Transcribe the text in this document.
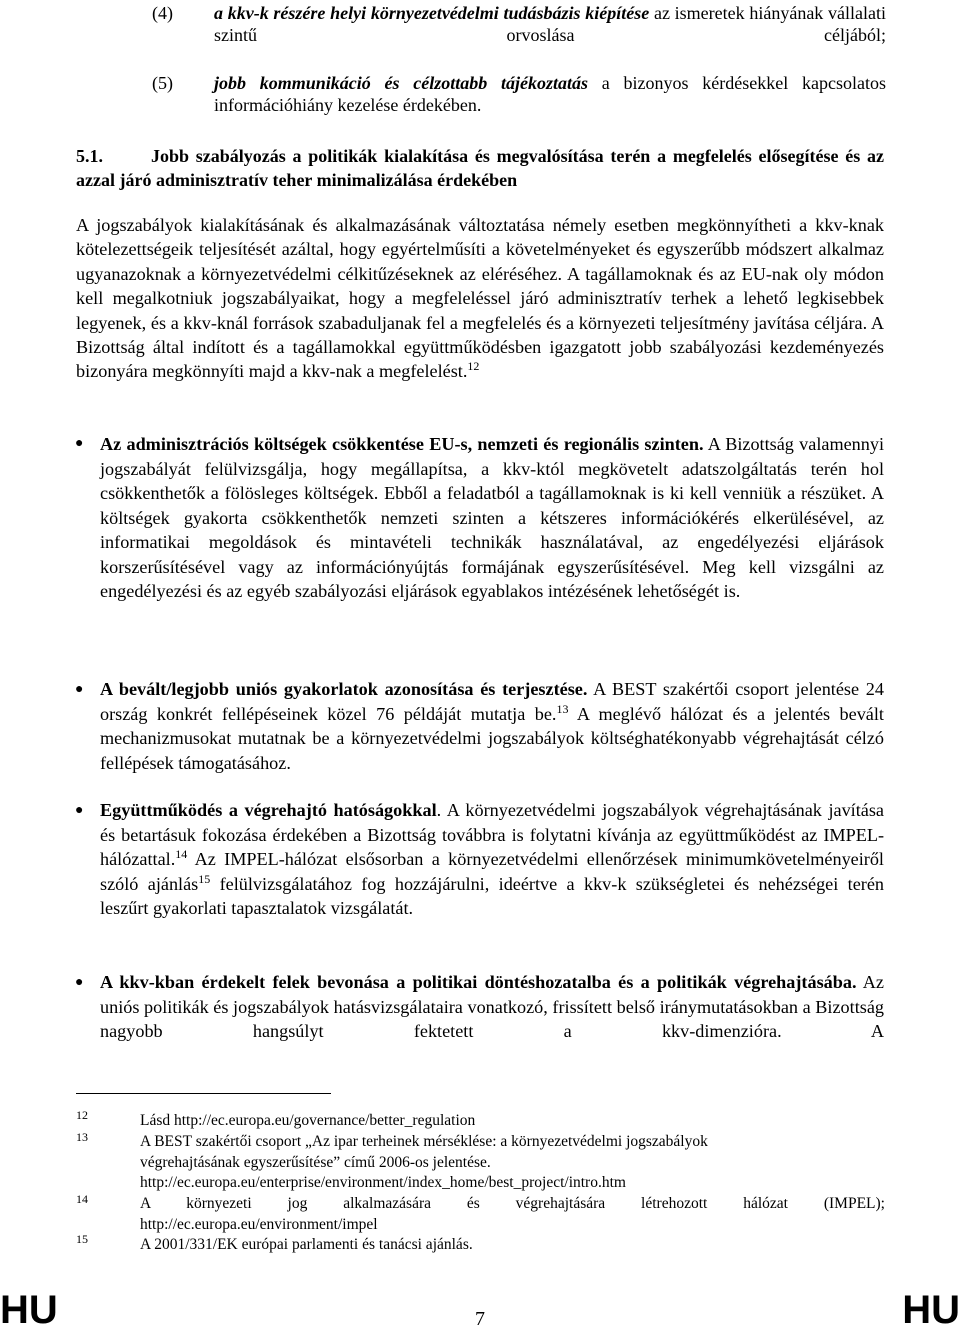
(4) a kkv-k részére helyi környezetvédelmi tudásbázis kiépítése az ismeretek hiányának vállalati szintű orvoslása céljából;
(5) jobb kommunikáció és célzottabb tájékoztatás a bizonyos kérdésekkel kapcsolatos információhiány kezelése érdekében.
5.1.	Jobb szabályozás a politikák kialakítása és megvalósítása terén a megfelelés elősegítése és az azzal járó adminisztratív teher minimalizálása érdekében
A jogszabályok kialakításának és alkalmazásának változtatása némely esetben megkönnyítheti a kkv-knak kötelezettségeik teljesítését azáltal, hogy egyértelműsíti a követelményeket és egyszerűbb módszert alkalmaz ugyanazoknak a környezetvédelmi célkitűzéseknek az eléréséhez. A tagállamoknak és az EU-nak oly módon kell megalkotniuk jogszabályaikat, hogy a megfeleléssel járó adminisztratív terhek a lehető legkisebbek legyenek, és a kkv-knál források szabaduljanak fel a megfelelés és a környezeti teljesítmény javítása céljára. A Bizottság által indított és a tagállamokkal együttműködésben igazgatott jobb szabályozási kezdeményezés bizonyára megkönnyíti majd a kkv-nak a megfelelést.$^{12}$
● Az adminisztrációs költségek csökkentése EU-s, nemzeti és regionális szinten. A Bizottság valamennyi jogszabályát felülvizsgálja, hogy megállapítsa, a kkv-któl megkövetelt adatszolgáltatás terén hol csökkenthetők a fölösleges költségek. Ebből a feladatból a tagállamoknak is ki kell venniük a részüket. A költségek gyakorta csökkenthetők nemzeti szinten a kétszeres információkérés elkerülésével, az informatikai megoldások és mintavételi technikák használatával, az engedélyezési eljárások korszerűsítésével vagy az információnyújtás formájának egyszerűsítésével. Meg kell vizsgálni az engedélyezési és az egyéb szabályozási eljárások egyablakos intézésének lehetőségét is.
● A bevált/legjobb uniós gyakorlatok azonosítása és terjesztése. A BEST szakértői csoport jelentése 24 ország konkrét fellépéseinek közel 76 példáját mutatja be.$^{13}$ A meglévő hálózat és a jelentés bevált mechanizmusokat mutatnak be a környezetvédelmi jogszabályok költséghatékonyabb végrehajtását célzó fellépések támogatásához.
● Együttműködés a végrehajtó hatóságokkal. A környezetvédelmi jogszabályok végrehajtásának javítása és betartásuk fokozása érdekében a Bizottság továbbra is folytatni kívánja az együttműködést az IMPEL-hálózattal.$^{14}$ Az IMPEL-hálózat elsősorban a környezetvédelmi ellenőrzések minimumkövetelményeiről szóló ajánlás$^{15}$ felülvizsgálatához fog hozzájárulni, ideértve a kkv-k szükségletei és nehézségei terén leszűrt gyakorlati tapasztalatok vizsgálatát.
● A kkv-kban érdekelt felek bevonása a politikai döntéshozatalba és a politikák végrehajtásába. Az uniós politikák és jogszabályok hatásvizsgálataira vonatkozó, frissített belső iránymutatásokban a Bizottság nagyobb hangsúlyt fektetett a kkv-dimenzióra. A
12	Lásd http://ec.europa.eu/governance/better_regulation
13	A BEST szakértői csoport „Az ipar terheinek mérséklése: a környezetvédelmi jogszabályok
végrehajtásának egyszerűsítése” című 2006-os jelentése.
http://ec.europa.eu/enterprise/environment/index_home/best_project/intro.htm
14	A környezeti jog alkalmazására és végrehajtására létrehozott hálózat (IMPEL);
http://ec.europa.eu/environment/impel
15	A 2001/331/EK európai parlamenti és tanácsi ajánlás.
HU	7	HU
